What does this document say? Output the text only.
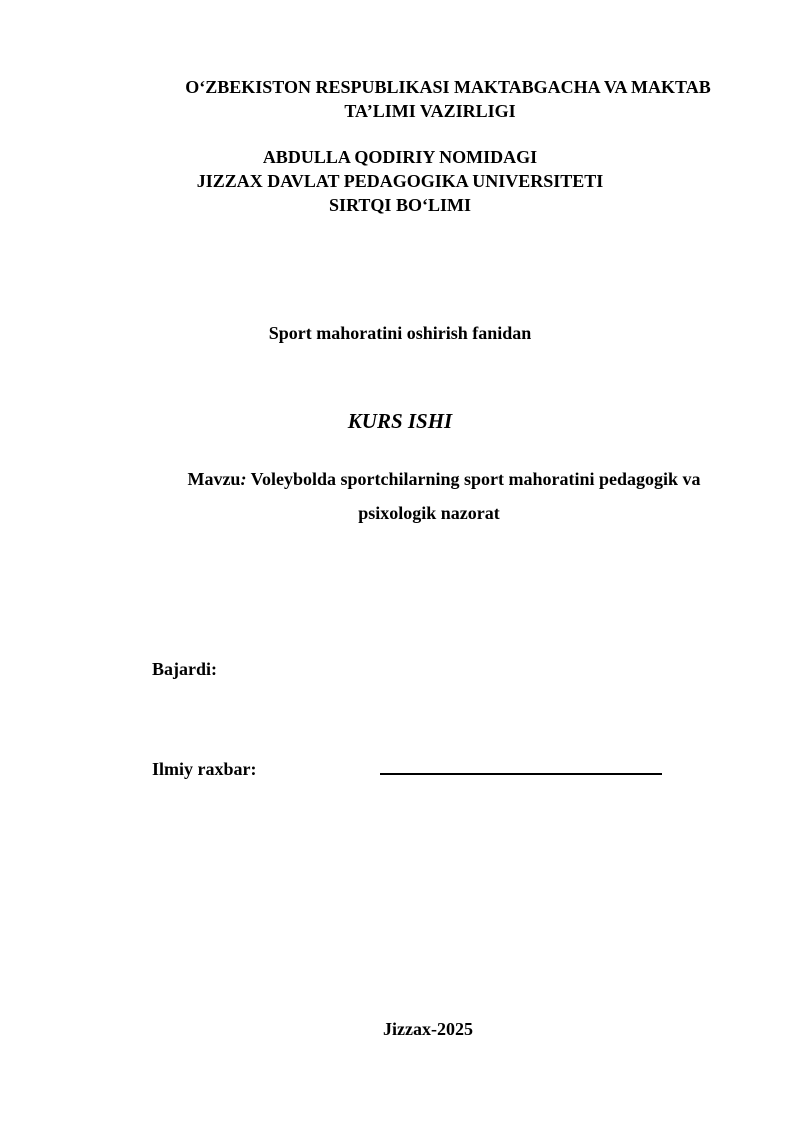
O‘ZBEKISTON RESPUBLIKASI MAKTABGACHA VA MAKTAB
TA’LIMI VAZIRLIGI
ABDULLA QODIRIY NOMIDAGI
JIZZAX DAVLAT PEDAGOGIKA UNIVERSITETI
SIRTQI BO‘LIMI
Sport mahoratini oshirish fanidan
KURS ISHI
Mavzu: Voleybolda sportchilarning sport mahoratini pedagogik va
psixologik nazorat
Bajardi:
Ilmiy raxbar:
Jizzax-2025
